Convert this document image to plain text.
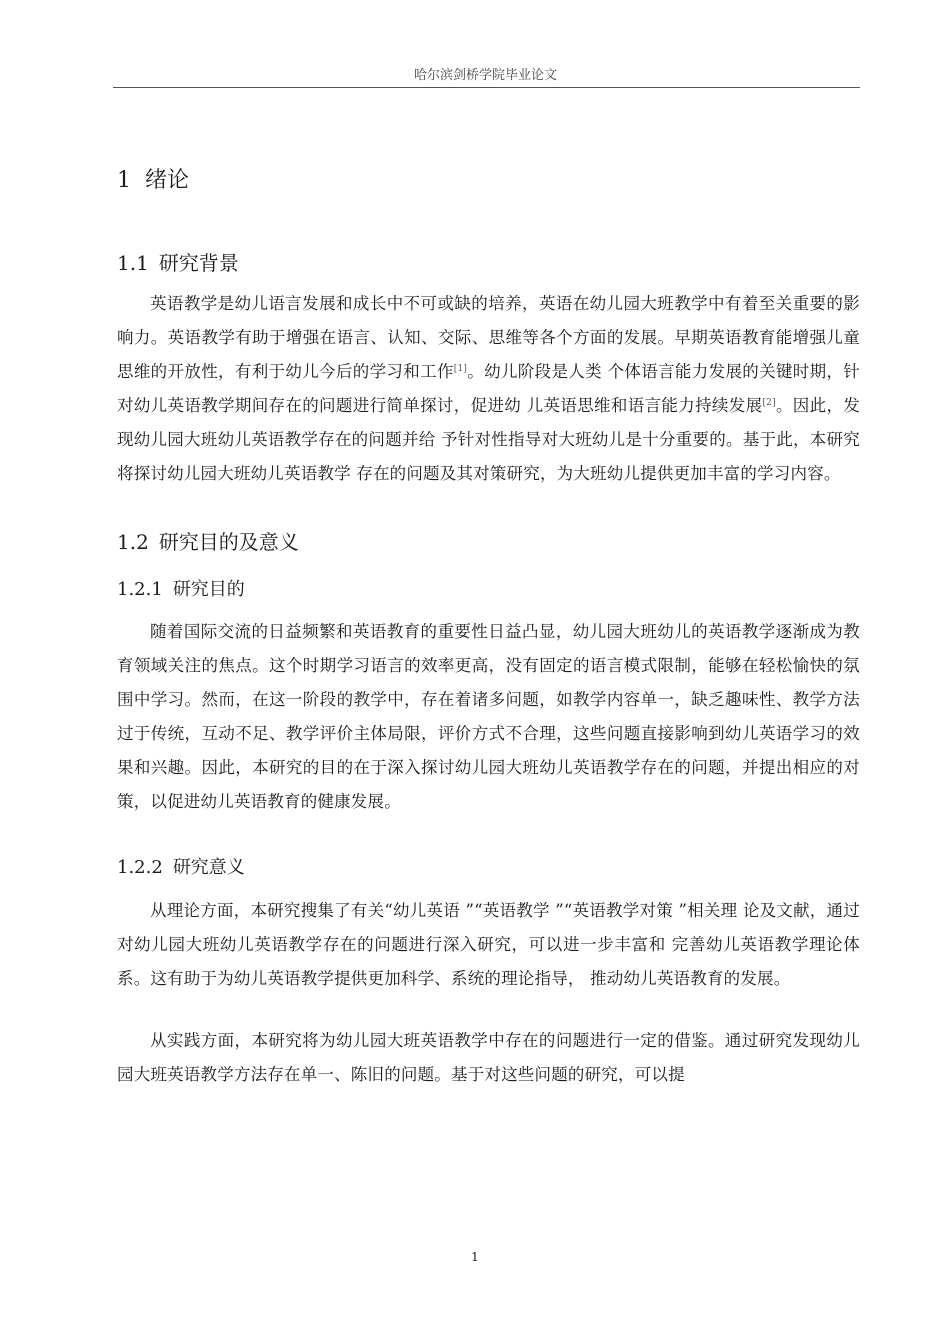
哈尔滨剑桥学院毕业论文
1 绪论
1.1 研究背景

英语教学是幼儿语言发展和成长中不可或缺的培养，英语在幼儿园大班教学中有着至关重要的影响力。英语教学有助于增强在语言、认知、交际、思维等各个方面的发展。早期英语教育能增强儿童思维的开放性，有利于幼儿今后的学习和工作[1]。幼儿阶段是人类 个体语言能力发展的关键时期，针对幼儿英语教学期间存在的问题进行简单探讨，促进幼 儿英语思维和语言能力持续发展[2]。因此，发现幼儿园大班幼儿英语教学存在的问题并给 予针对性指导对大班幼儿是十分重要的。基于此，本研究将探讨幼儿园大班幼儿英语教学 存在的问题及其对策研究，为大班幼儿提供更加丰富的学习内容。

1.2 研究目的及意义
1.2.1 研究目的

随着国际交流的日益频繁和英语教育的重要性日益凸显，幼儿园大班幼儿的英语教学逐渐成为教育领域关注的焦点。这个时期学习语言的效率更高，没有固定的语言模式限制，能够在轻松愉快的氛围中学习。然而，在这一阶段的教学中，存在着诸多问题，如教学内容单一，缺乏趣味性、教学方法过于传统，互动不足、教学评价主体局限，评价方式不合理，这些问题直接影响到幼儿英语学习的效果和兴趣。因此，本研究的目的在于深入探讨幼儿园大班幼儿英语教学存在的问题，并提出相应的对策，以促进幼儿英语教育的健康发展。

1.2.2 研究意义

从理论方面，本研究搜集了有关“幼儿英语 ”“英语教学 ”“英语教学对策 ”相关理 论及文献，通过对幼儿园大班幼儿英语教学存在的问题进行深入研究，可以进一步丰富和 完善幼儿英语教学理论体系。这有助于为幼儿英语教学提供更加科学、系统的理论指导， 推动幼儿英语教育的发展。

从实践方面，本研究将为幼儿园大班英语教学中存在的问题进行一定的借鉴。通过研究发现幼儿园大班英语教学方法存在单一、陈旧的问题。基于对这些问题的研究，可以提

1
